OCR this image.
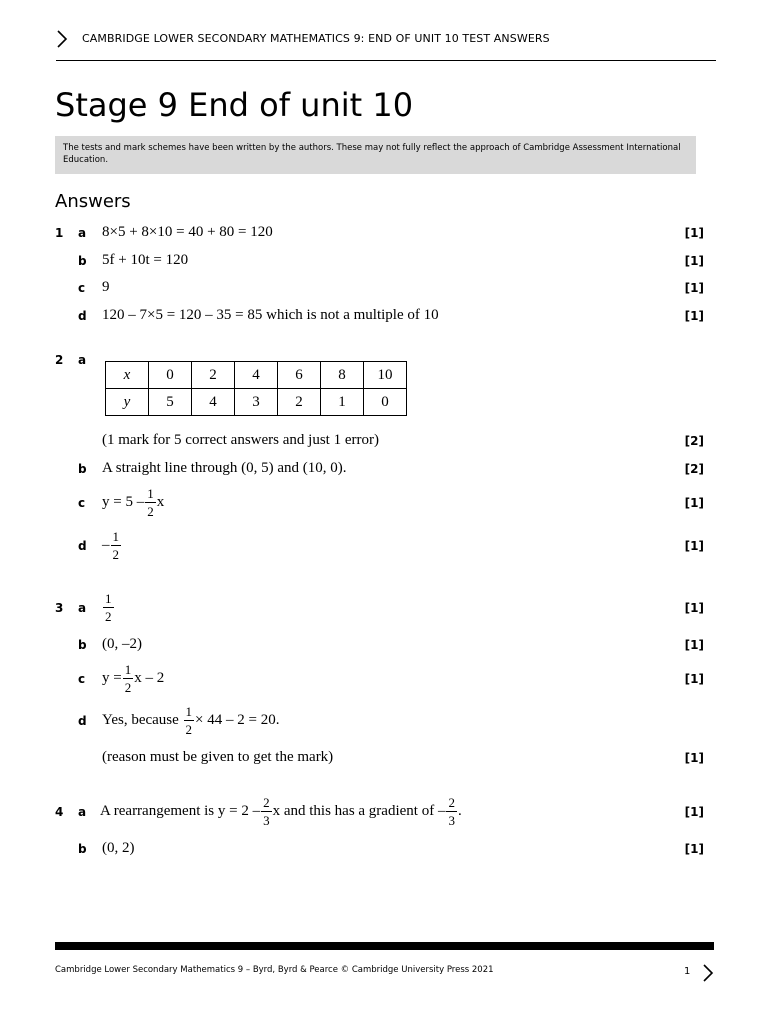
CAMBRIDGE LOWER SECONDARY MATHEMATICS 9: END OF UNIT 10 TEST ANSWERS
Stage 9 End of unit 10
The tests and mark schemes have been written by the authors. These may not fully reflect the approach of Cambridge Assessment International Education.
Answers
1 a 8×5 + 8×10 = 40 + 80 = 120	[1]
b 5f + 10t = 120	[1]
c 9	[1]
d 120 – 7×5 = 120 – 35 = 85 which is not a multiple of 10	[1]
2 a
x	0	2	4	6	8	10
y	5	4	3	2	1	0
(1 mark for 5 correct answers and just 1 error)	[2]
b A straight line through (0, 5) and (10, 0).	[2]
c $y = 5 - \frac{1}{2}$ x	[1]
d – $\frac{1}{2}$	[1]
3 a $\frac{1}{2}$	[1]
b (0, –2)	[1]
c $y = \frac{1}{2}$ x – 2	[1]
d Yes, because $\frac{1}{2} \times 44 - 2 = 20$.
(reason must be given to get the mark)	[1]
4 a A rearrangement is $y = 2 - \frac{2}{3}$ x and this has a gradient of – $\frac{2}{3}$ .	[1]
b (0, 2)	[1]
Cambridge Lower Secondary Mathematics 9 – Byrd, Byrd & Pearce © Cambridge University Press 2021	1
